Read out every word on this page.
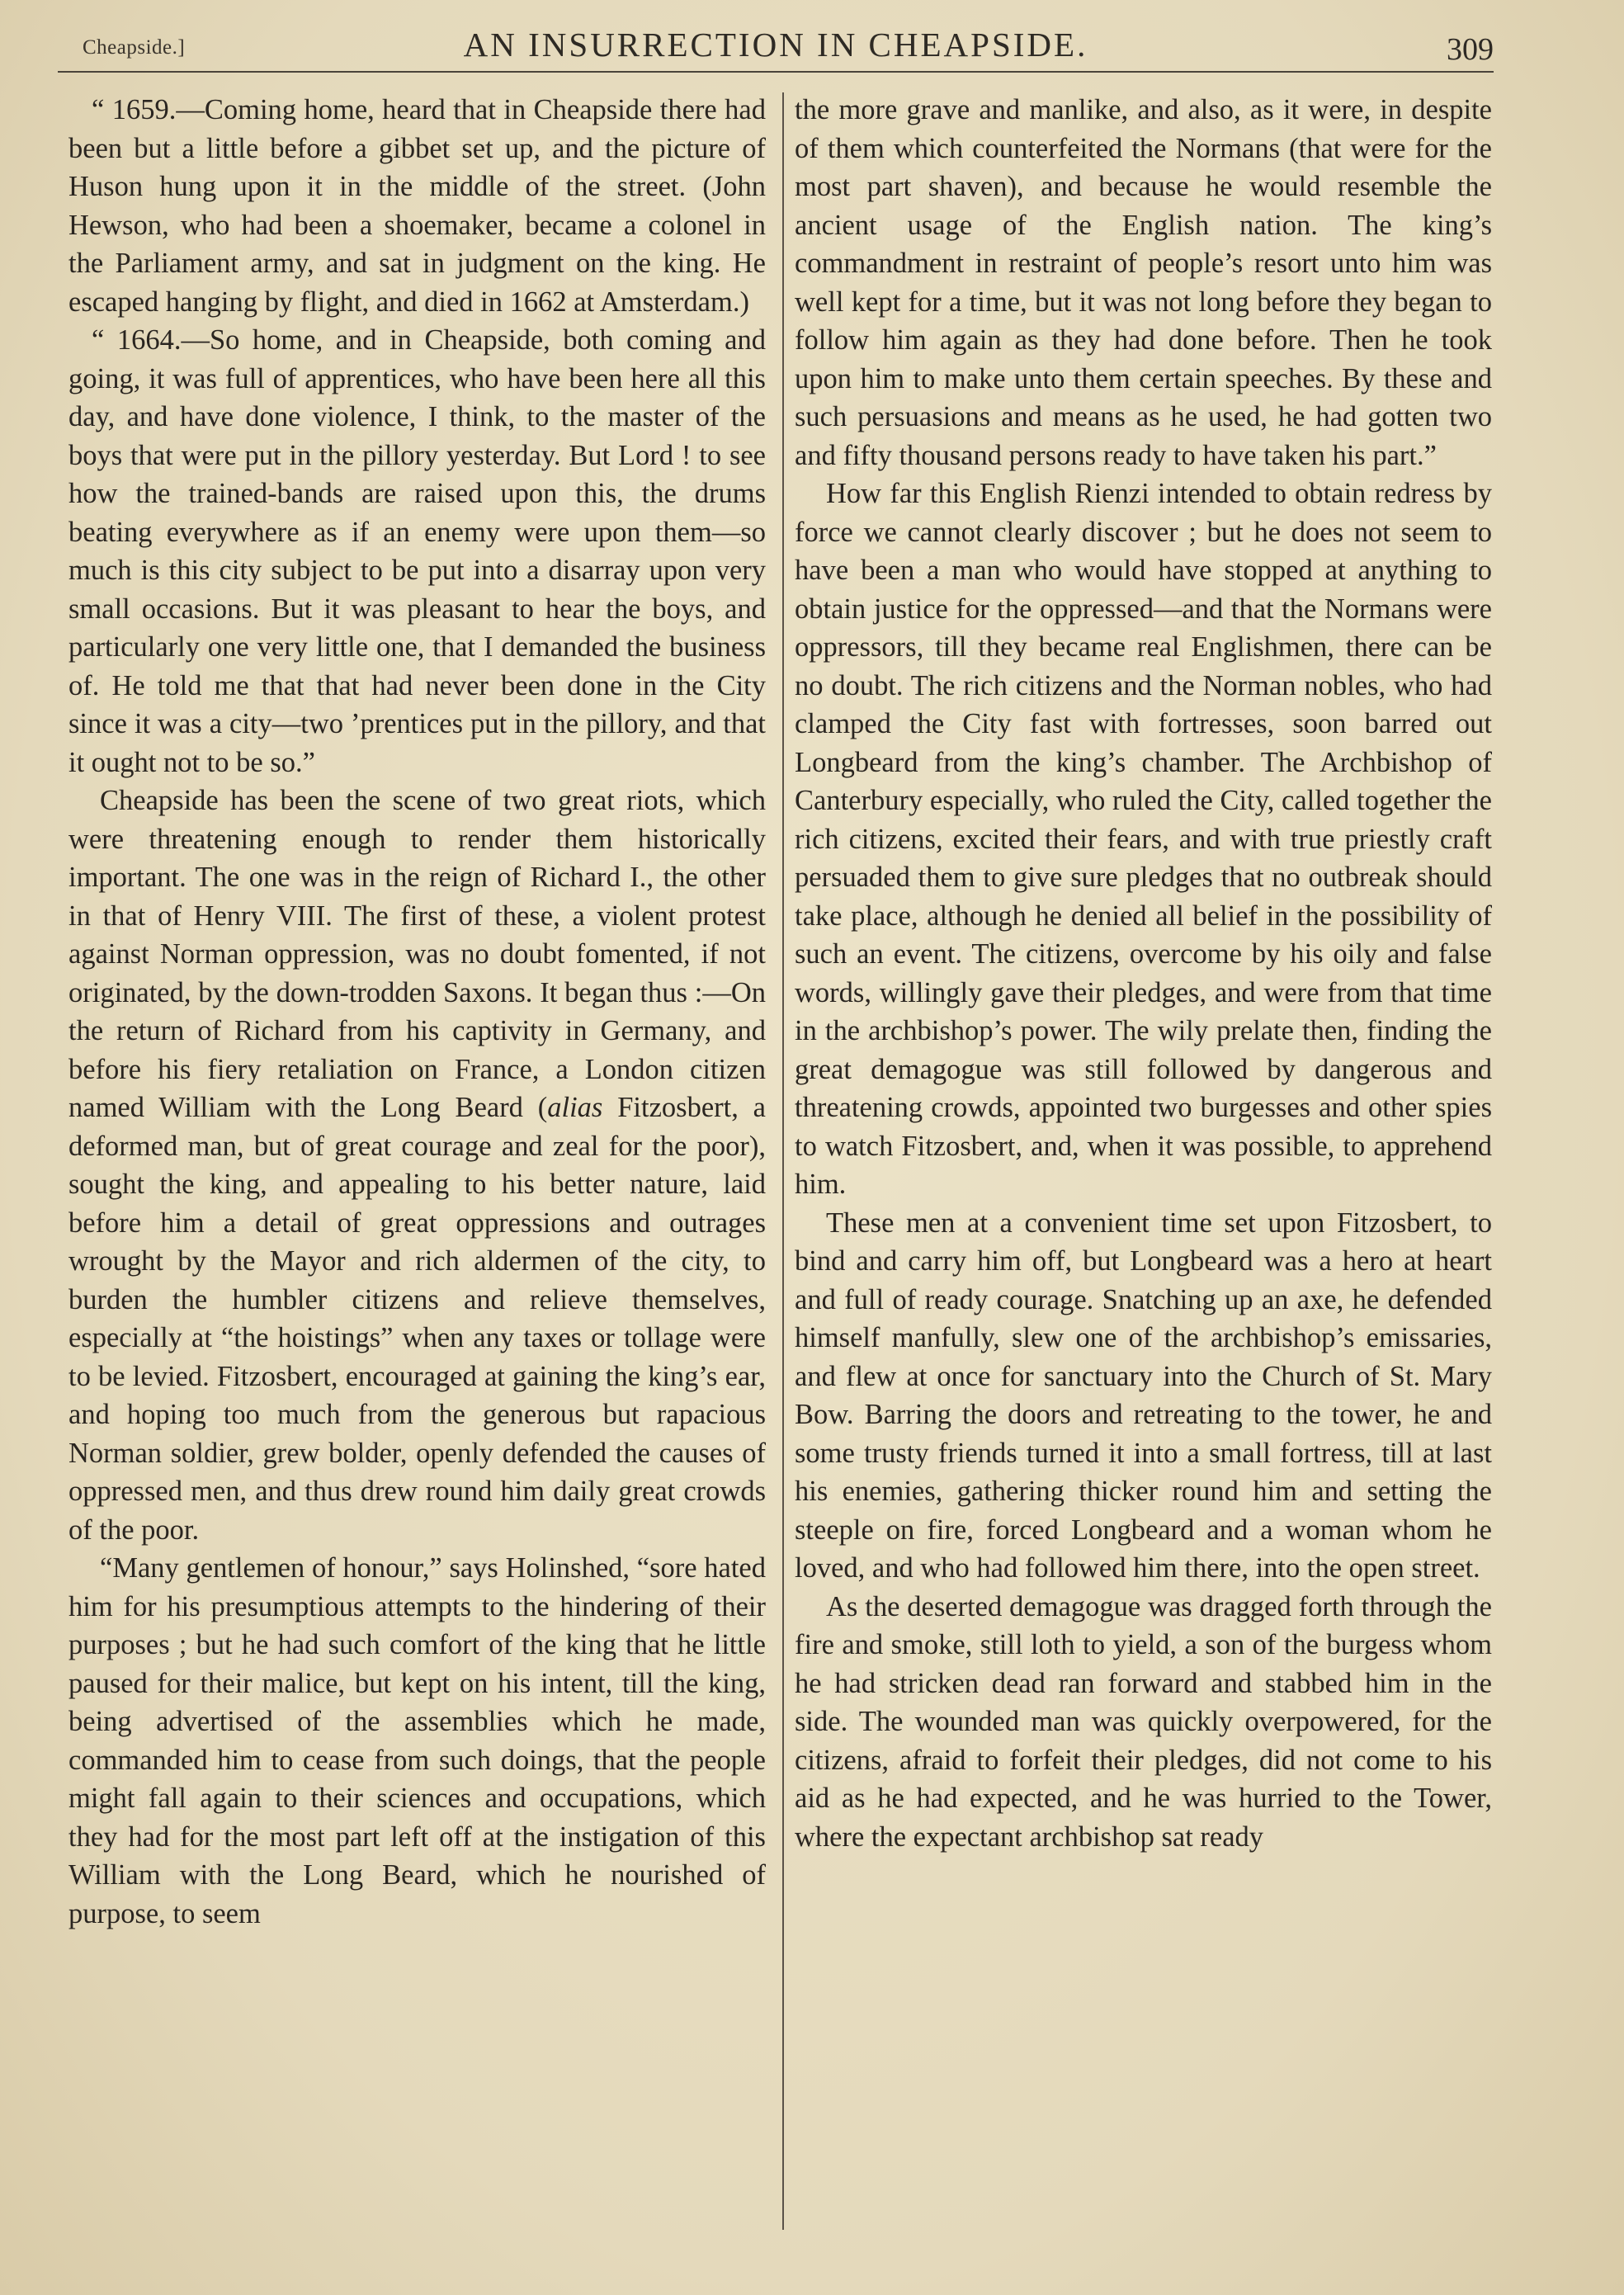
Cheapside.]	AN INSURRECTION IN CHEAPSIDE.	309

“ 1659.—Coming home, heard that in Cheapside there had been but a little before a gibbet set up, and the picture of Huson hung upon it in the middle of the street. (John Hewson, who had been a shoemaker, became a colonel in the Parliament army, and sat in judgment on the king. He escaped hanging by flight, and died in 1662 at Amsterdam.)

“ 1664.—So home, and in Cheapside, both coming and going, it was full of apprentices, who have been here all this day, and have done violence, I think, to the master of the boys that were put in the pillory yesterday. But Lord ! to see how the trained-bands are raised upon this, the drums beating everywhere as if an enemy were upon them—so much is this city subject to be put into a disarray upon very small occasions. But it was pleasant to hear the boys, and particularly one very little one, that I demanded the business of. He told me that that had never been done in the City since it was a city—two ’prentices put in the pillory, and that it ought not to be so.”

Cheapside has been the scene of two great riots, which were threatening enough to render them historically important. The one was in the reign of Richard I., the other in that of Henry VIII. The first of these, a violent protest against Norman oppression, was no doubt fomented, if not originated, by the down-trodden Saxons. It began thus :—On the return of Richard from his captivity in Germany, and before his fiery retaliation on France, a London citizen named William with the Long Beard (alias Fitzosbert, a deformed man, but of great courage and zeal for the poor), sought the king, and appealing to his better nature, laid before him a detail of great oppressions and outrages wrought by the Mayor and rich aldermen of the city, to burden the humbler citizens and relieve themselves, especially at “the hoistings” when any taxes or tollage were to be levied. Fitzosbert, encouraged at gaining the king’s ear, and hoping too much from the generous but rapacious Norman soldier, grew bolder, openly defended the causes of oppressed men, and thus drew round him daily great crowds of the poor.

“Many gentlemen of honour,” says Holinshed, “sore hated him for his presumptious attempts to the hindering of their purposes ; but he had such comfort of the king that he little paused for their malice, but kept on his intent, till the king, being advertised of the assemblies which he made, commanded him to cease from such doings, that the people might fall again to their sciences and occupations, which they had for the most part left off at the instigation of this William with the Long Beard, which he nourished of purpose, to seem

the more grave and manlike, and also, as it were, in despite of them which counterfeited the Normans (that were for the most part shaven), and because he would resemble the ancient usage of the English nation. The king’s commandment in restraint of people’s resort unto him was well kept for a time, but it was not long before they began to follow him again as they had done before. Then he took upon him to make unto them certain speeches. By these and such persuasions and means as he used, he had gotten two and fifty thousand persons ready to have taken his part.”

How far this English Rienzi intended to obtain redress by force we cannot clearly discover ; but he does not seem to have been a man who would have stopped at anything to obtain justice for the oppressed—and that the Normans were oppressors, till they became real Englishmen, there can be no doubt. The rich citizens and the Norman nobles, who had clamped the City fast with fortresses, soon barred out Longbeard from the king’s chamber. The Archbishop of Canterbury especially, who ruled the City, called together the rich citizens, excited their fears, and with true priestly craft persuaded them to give sure pledges that no outbreak should take place, although he denied all belief in the possibility of such an event. The citizens, overcome by his oily and false words, willingly gave their pledges, and were from that time in the archbishop’s power. The wily prelate then, finding the great demagogue was still followed by dangerous and threatening crowds, appointed two burgesses and other spies to watch Fitzosbert, and, when it was possible, to apprehend him.

These men at a convenient time set upon Fitzosbert, to bind and carry him off, but Longbeard was a hero at heart and full of ready courage. Snatching up an axe, he defended himself manfully, slew one of the archbishop’s emissaries, and flew at once for sanctuary into the Church of St. Mary Bow. Barring the doors and retreating to the tower, he and some trusty friends turned it into a small fortress, till at last his enemies, gathering thicker round him and setting the steeple on fire, forced Longbeard and a woman whom he loved, and who had followed him there, into the open street.

As the deserted demagogue was dragged forth through the fire and smoke, still loth to yield, a son of the burgess whom he had stricken dead ran forward and stabbed him in the side. The wounded man was quickly overpowered, for the citizens, afraid to forfeit their pledges, did not come to his aid as he had expected, and he was hurried to the Tower, where the expectant archbishop sat ready
